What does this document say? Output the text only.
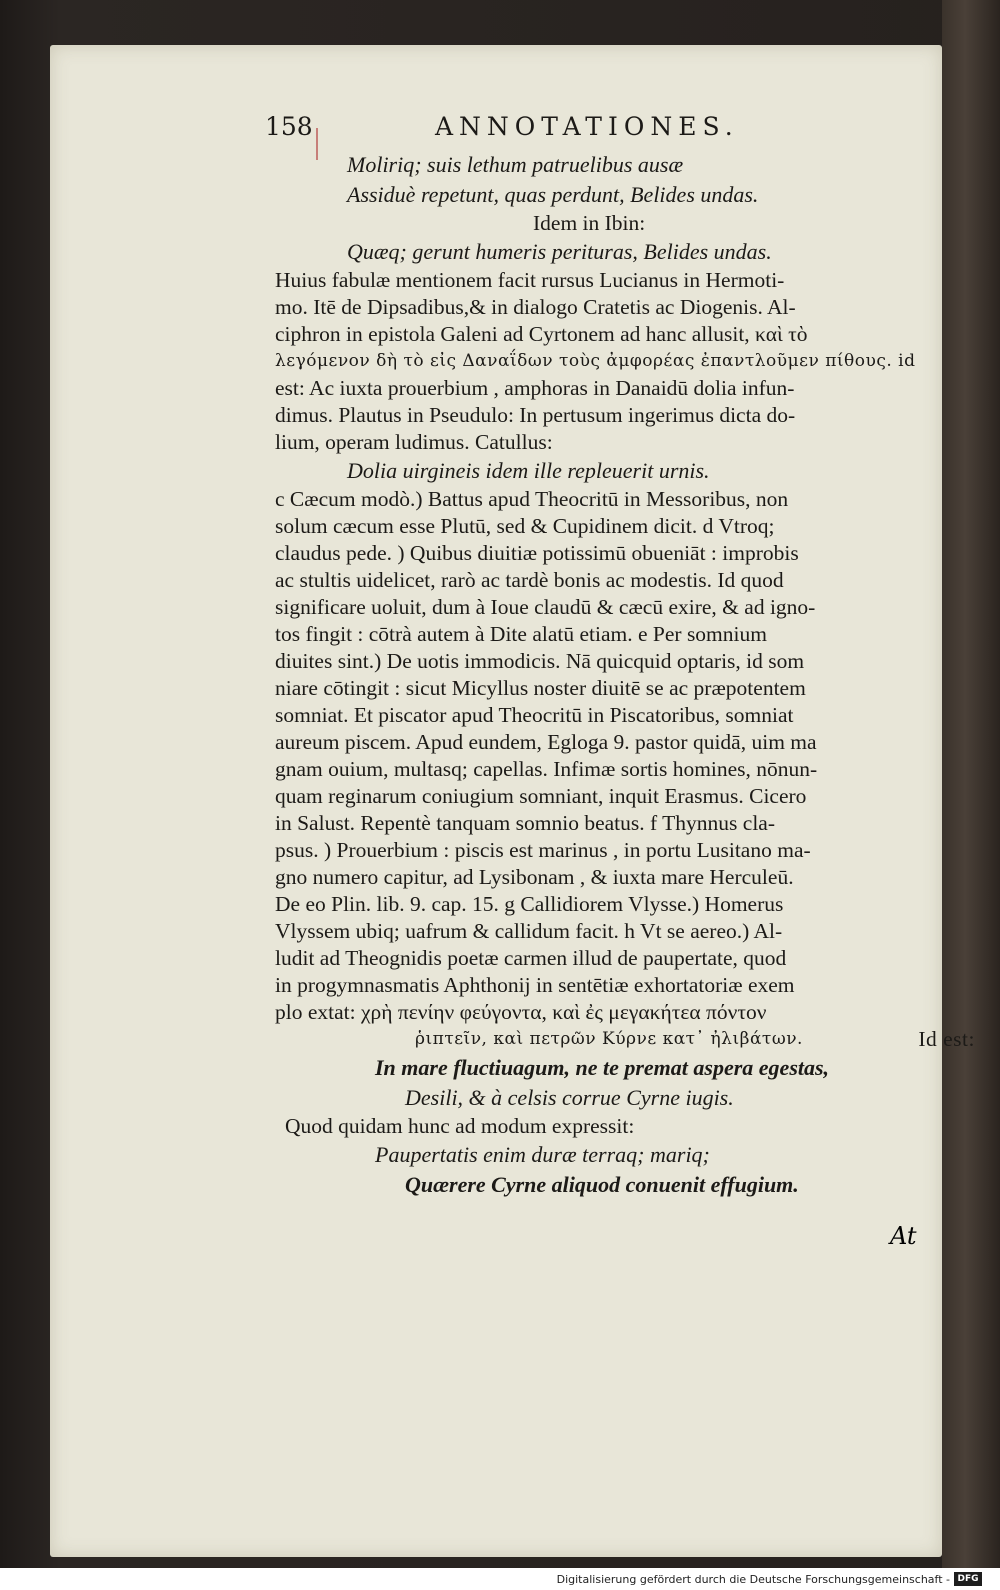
158	ANNOTATIONES.
Moliriq; suis lethum patruelibus ausæ
Assiduè repetunt, quas perdunt, Belides undas.
Idem in Ibin:
Quæq; gerunt humeris perituras, Belides undas.
Huius fabulæ mentionem facit rursus Lucianus in Hermoti-
mo. Itē de Dipsadibus,& in dialogo Cratetis ac Diogenis. Al-
ciphron in epistola Galeni ad Cyrtonem ad hanc allusit, καὶ τὸ
λεγόμενον δὴ τὸ εἰς Δαναΐδων τοὺς ἀμφορέας ἐπαντλοῦμεν πίθους. id
est: Ac iuxta prouerbium , amphoras in Danaidū dolia infun-
dimus. Plautus in Pseudulo: In pertusum ingerimus dicta do-
lium, operam ludimus. Catullus:
Dolia uirgineis idem ille repleuerit urnis.
c Cæcum modò.) Battus apud Theocritū in Messoribus, non
solum cæcum esse Plutū, sed & Cupidinem dicit. d Vtroq;
claudus pede. ) Quibus diuitiæ potissimū obueniāt : improbis
ac stultis uidelicet, rarò ac tardè bonis ac modestis. Id quod
significare uoluit, dum à Ioue claudū & cæcū exire, & ad igno-
tos fingit : cōtrà autem à Dite alatū etiam. e Per somnium
diuites sint.) De uotis immodicis. Nā quicquid optaris, id som
niare cōtingit : sicut Micyllus noster diuitē se ac præpotentem
somniat. Et piscator apud Theocritū in Piscatoribus, somniat
aureum piscem. Apud eundem, Egloga 9. pastor quidā, uim ma
gnam ouium, multasq; capellas. Infimæ sortis homines, nōnun-
quam reginarum coniugium somniant, inquit Erasmus. Cicero
in Salust. Repentè tanquam somnio beatus. f Thynnus cla-
psus. ) Prouerbium : piscis est marinus , in portu Lusitano ma-
gno numero capitur, ad Lysibonam , & iuxta mare Herculeū.
De eo Plin. lib. 9. cap. 15. g Callidiorem Vlysse.) Homerus
Vlyssem ubiq; uafrum & callidum facit. h Vt se aereo.) Al-
ludit ad Theognidis poetæ carmen illud de paupertate, quod
in progymnasmatis Aphthonij in sentētiæ exhortatoriæ exem
plo extat: χρὴ πενίην φεύγοντα, καὶ ἐς μεγακήτεα πόντον
ῥιπτεῖν, καὶ πετρῶν Κύρνε κατ᾽ ἠλιβάτων.	Id est:
In mare fluctiuagum, ne te premat aspera egestas,
Desili, & à celsis corrue Cyrne iugis.
Quod quidam hunc ad modum expressit:
Paupertatis enim duræ terraq; mariq;
Quærere Cyrne aliquod conuenit effugium.
At
Digitalisierung gefördert durch die Deutsche Forschungsgemeinschaft - DFG
